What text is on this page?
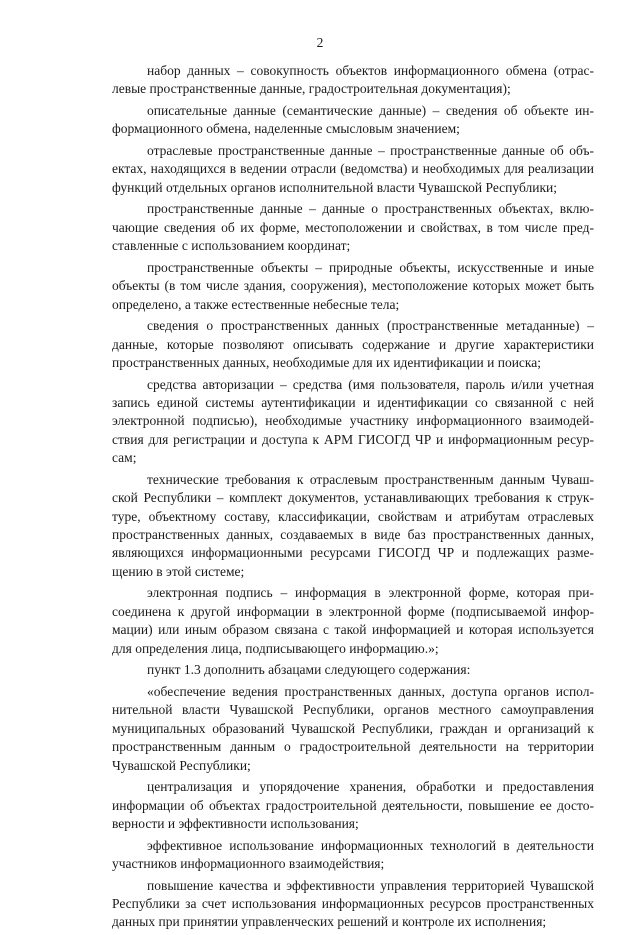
2

набор данных – совокупность объектов информационного обмена (отраслевые пространственные данные, градостроительная документация);

описательные данные (семантические данные) – сведения об объекте информационного обмена, наделенные смысловым значением;

отраслевые пространственные данные – пространственные данные об объектах, находящихся в ведении отрасли (ведомства) и необходимых для реализации функций отдельных органов исполнительной власти Чувашской Республики;

пространственные данные – данные о пространственных объектах, включающие сведения об их форме, местоположении и свойствах, в том числе представленные с использованием координат;

пространственные объекты – природные объекты, искусственные и иные объекты (в том числе здания, сооружения), местоположение которых может быть определено, а также естественные небесные тела;

сведения о пространственных данных (пространственные метаданные) – данные, которые позволяют описывать содержание и другие характеристики пространственных данных, необходимые для их идентификации и поиска;

средства авторизации – средства (имя пользователя, пароль и/или учетная запись единой системы аутентификации и идентификации со связанной с ней электронной подписью), необходимые участнику информационного взаимодействия для регистрации и доступа к АРМ ГИСОГД ЧР и информационным ресурсам;

технические требования к отраслевым пространственным данным Чувашской Республики – комплект документов, устанавливающих требования к структуре, объектному составу, классификации, свойствам и атрибутам отраслевых пространственных данных, создаваемых в виде баз пространственных данных, являющихся информационными ресурсами ГИСОГД ЧР и подлежащих размещению в этой системе;

электронная подпись – информация в электронной форме, которая присоединена к другой информации в электронной форме (подписываемой информации) или иным образом связана с такой информацией и которая используется для определения лица, подписывающего информацию.»;

пункт 1.3 дополнить абзацами следующего содержания:

«обеспечение ведения пространственных данных, доступа органов исполнительной власти Чувашской Республики, органов местного самоуправления муниципальных образований Чувашской Республики, граждан и организаций к пространственным данным о градостроительной деятельности на территории Чувашской Республики;

централизация и упорядочение хранения, обработки и предоставления информации об объектах градостроительной деятельности, повышение ее достоверности и эффективности использования;

эффективное использование информационных технологий в деятельности участников информационного взаимодействия;

повышение качества и эффективности управления территорией Чувашской Республики за счет использования информационных ресурсов пространственных данных при принятии управленческих решений и контроле их исполнения;
